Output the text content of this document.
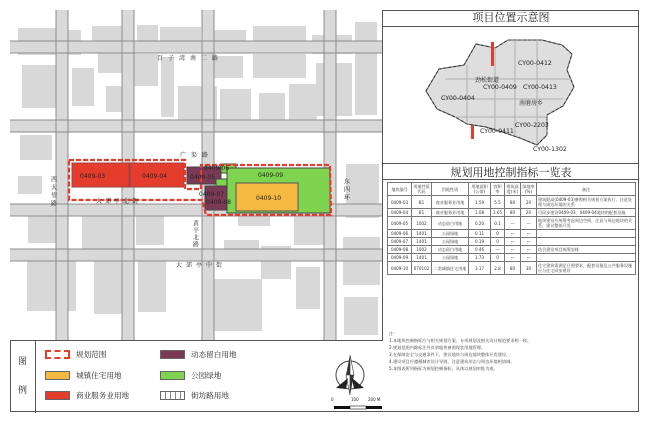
0409-03	0409-04	0409-05
0409-06
0409-07
0409-08
0409-09
0409-10
百子湾南二路
广渠路
大郊亭北街
大郊亭中街
西大望路	东四环
黄平北路
图
例
规划范围	动态留白用地
城镇住宅用地	公园绿地
商业服务业用地	街坊路用地	0	100 200 M
项目位置示意图
劲松街道
南磨房乡
CY00-0412
CY00-0409 CY00-0413
CY00-0404
CY00-2203
CY00-0411
CY00-1302
规划用地控制指标一览表
地块编号	用地性质代码	用地性质	用地面积(公顷)	容积率	建筑高度(米)	绿地率(%)	备注
0409-03	B1	商业服务业用地	1.59	5.5	80	20	建筑限高(0409-03)参照相关规划方案执行，注意处理与周边环境的关系
0409-04	B1	商业服务业用地	1.08	1.65	80	20	可同步建设0409-03、0409-04地块的配套设施
0409-05	1002	动态留白用地	0.20	0.1	—	—	地块建设应统筹考虑周边空间，注意与周边地块的关系，建议整体开发
0409-06	1401	公园绿地	0.11	0	—	—	
0409-07	1401	公园绿地	0.19	0	—	—	
0409-08	1002	动态留白用地	0.46	—	—	—	结合建设项目统筹安排
0409-09	1401	公园绿地	1.73	0	—	—	
0409-10	070102	二类城镇住宅用地	3.17	2.8	80	30	住宅建筑需满足日照要求，配套设施及公共服务设施应与住宅同步建设
注：
1.本地块控制指标应与相关规划方案、专项规划及相关设计规范要求相一致。
2.规划范围内除标注外其余地块参照现状用地管理。
3.在保障安全与交通条件下，建议地块与周边地块整体开发建设。
4.建设项目应遵循城市设计导则，注意建筑形态与周边环境相协调。
5.本图表所列指标为规划控制指标，具体以规划审批为准。
